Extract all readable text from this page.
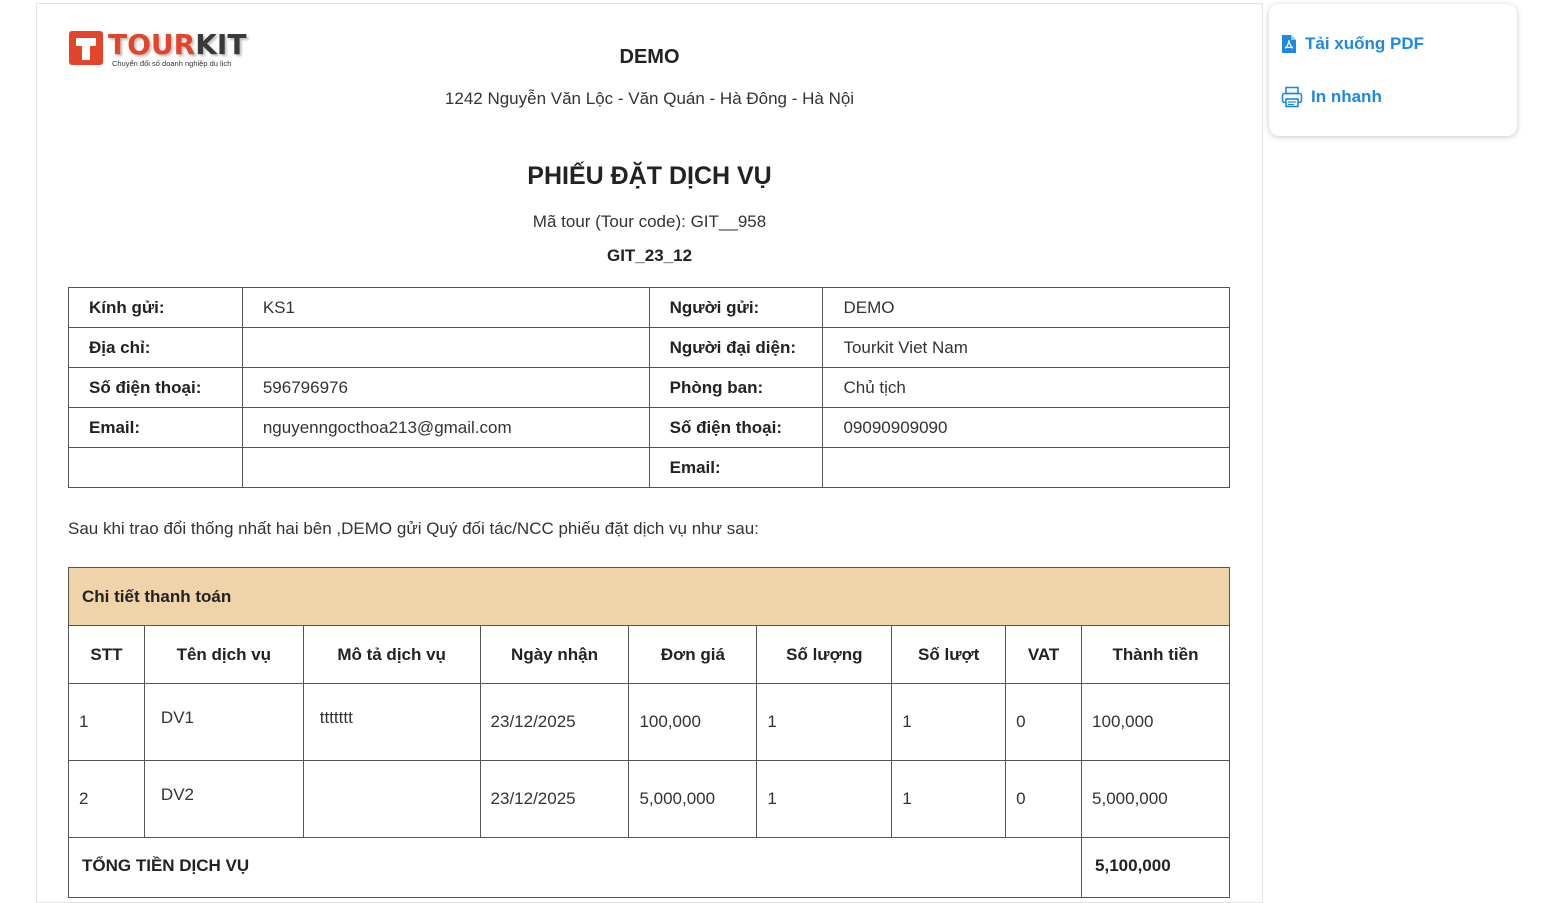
TOURKIT
Chuyển đổi số doanh nghiệp du lịch	DEMO
1242 Nguyễn Văn Lộc - Văn Quán - Hà Đông - Hà Nội
PHIẾU ĐẶT DỊCH VỤ
Mã tour (Tour code): GIT__958
GIT_23_12
Kính gửi:	KS1	Người gửi:	DEMO
Địa chỉ:		Người đại diện:	Tourkit Viet Nam
Số điện thoại:	596796976	Phòng ban:	Chủ tịch
Email:	nguyenngocthoa213@gmail.com	Số điện thoại:	09090909090
		Email:	
Sau khi trao đổi thống nhất hai bên ,DEMO gửi Quý đối tác/NCC phiếu đặt dịch vụ như sau:
Chi tiết thanh toán								
STT	Tên dịch vụ	Mô tả dịch vụ	Ngày nhận	Đơn giá	Số lượng	Số lượt	VAT	Thành tiền
1	DV1	ttttttt	23/12/2025	100,000	1	1	0	100,000
2	DV2		23/12/2025	5,000,000	1	1	0	5,000,000
TỔNG TIỀN DỊCH VỤ								5,100,000
Tải xuống PDF
In nhanh
